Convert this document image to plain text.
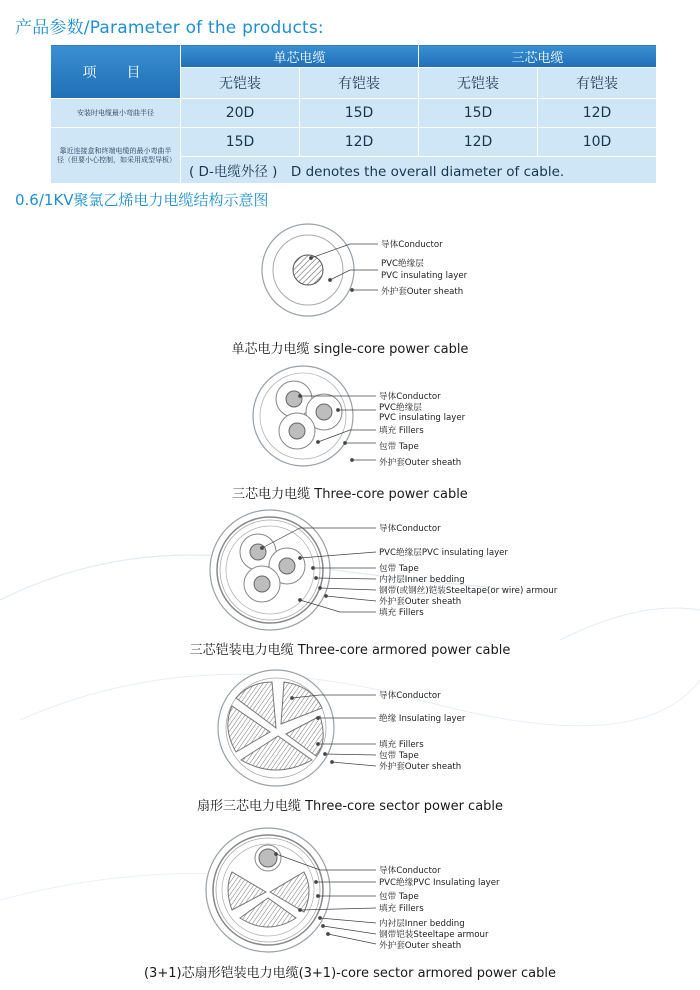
产品参数/Parameter of the products:
项　目	单芯电缆		三芯电缆	
	无铠装	有铠装	无铠装	有铠装
安装时电缆最小弯曲半径	20D	15D	15D	12D
靠近连接盒和终端电缆的最小弯曲半径（但要小心控制，如采用成型导板）	15D	12D	12D	10D
	( D-电缆外径 )　D denotes the overall diameter of cable.			
0.6/1KV聚氯乙烯电力电缆结构示意图
导体Conductor
PVC绝缘层
PVC insulating layer
外护套Outer sheath
单芯电力电缆 single-core power cable
导体Conductor
PVC绝缘层
PVC insulating layer
填充 Fillers
包带 Tape
外护套Outer sheath
三芯电力电缆 Three-core power cable
导体Conductor
PVC绝缘层PVC insulating layer
包带 Tape
内衬层Inner bedding
钢带(或钢丝)铠装Steeltape(or wire) armour
外护套Outer sheath
填充 Fillers
三芯铠装电力电缆 Three-core armored power cable
导体Conductor
绝缘 Insulating layer
填充 Fillers
包带 Tape
外护套Outer sheath
扇形三芯电力电缆 Three-core sector power cable
导体Conductor
PVC绝缘PVC Insulating layer
包带 Tape
填充 Fillers
内衬层Inner bedding
钢带铠装Steeltape armour
外护套Outer sheath
(3+1)芯扇形铠装电力电缆(3+1)-core sector armored power cable
